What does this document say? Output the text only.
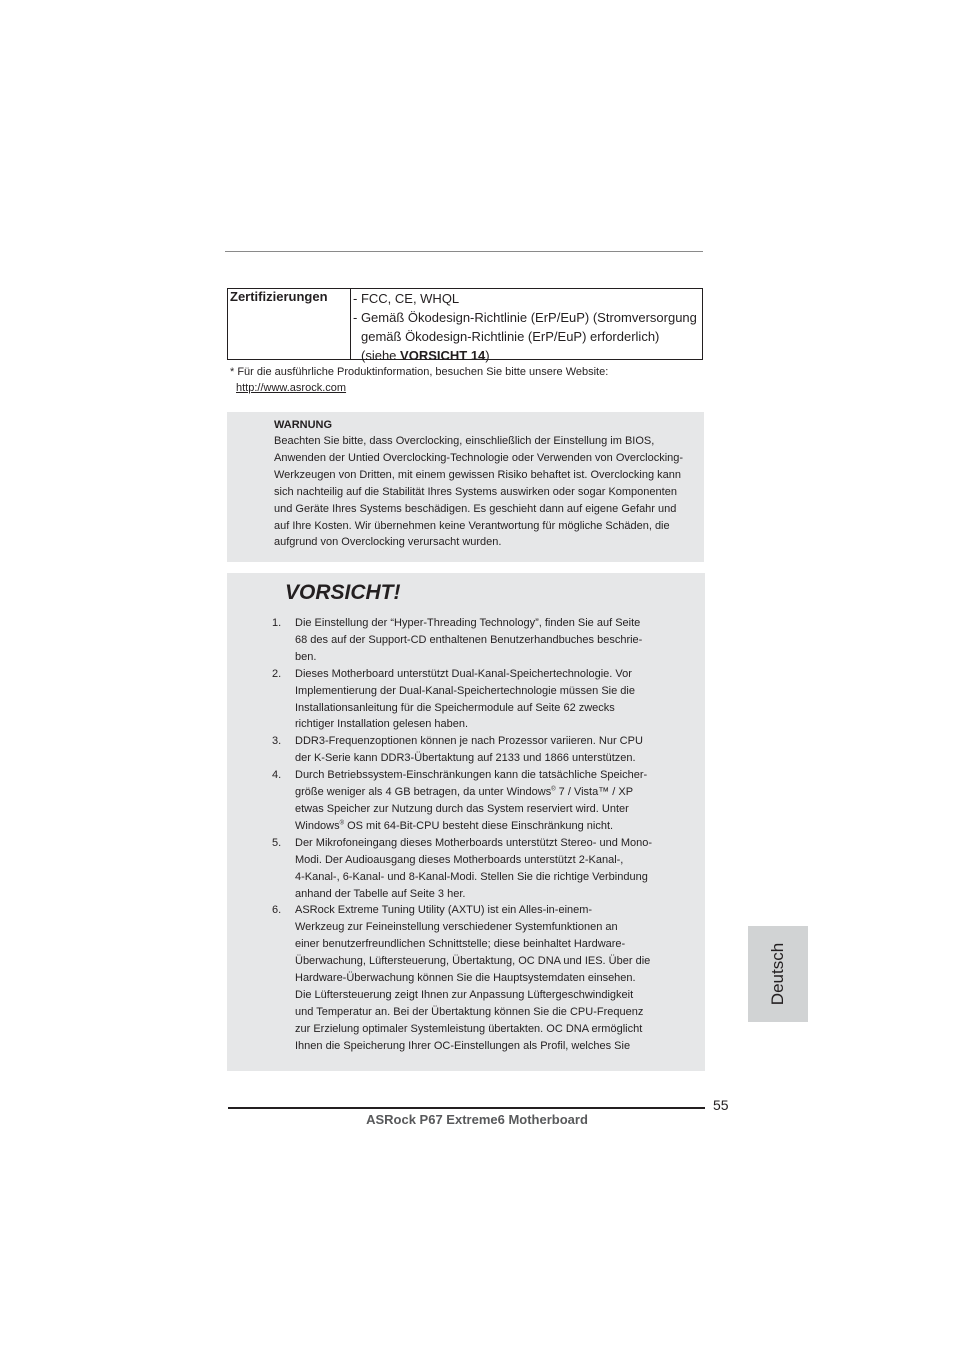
Zertifizierungen - FCC, CE, WHQL
- Gemäß Ökodesign-Richtlinie (ErP/EuP) (Stromversorgung
gemäß Ökodesign-Richtlinie (ErP/EuP) erforderlich)
(siehe VORSICHT 14)
* Für die ausführliche Produktinformation, besuchen Sie bitte unsere Website:
http://www.asrock.com
WARNUNG
Beachten Sie bitte, dass Overclocking, einschließlich der Einstellung im BIOS,
Anwenden der Untied Overclocking-Technologie oder Verwenden von Overclocking-
Werkzeugen von Dritten, mit einem gewissen Risiko behaftet ist. Overclocking kann
sich nachteilig auf die Stabilität Ihres Systems auswirken oder sogar Komponenten
und Geräte Ihres Systems beschädigen. Es geschieht dann auf eigene Gefahr und
auf Ihre Kosten. Wir übernehmen keine Verantwortung für mögliche Schäden, die
aufgrund von Overclocking verursacht wurden.
VORSICHT!
1. Die Einstellung der “Hyper-Threading Technology”, finden Sie auf Seite
68 des auf der Support-CD enthaltenen Benutzerhandbuches beschrie-
ben.
2. Dieses Motherboard unterstützt Dual-Kanal-Speichertechnologie. Vor
Implementierung der Dual-Kanal-Speichertechnologie müssen Sie die
Installationsanleitung für die Speichermodule auf Seite 62 zwecks
richtiger Installation gelesen haben.
3. DDR3-Frequenzoptionen können je nach Prozessor variieren. Nur CPU
der K-Serie kann DDR3-Übertaktung auf 2133 und 1866 unterstützen.
4. Durch Betriebssystem-Einschränkungen kann die tatsächliche Speicher-
größe weniger als 4 GB betragen, da unter Windows® 7 / Vista™ / XP
etwas Speicher zur Nutzung durch das System reserviert wird. Unter
Windows® OS mit 64-Bit-CPU besteht diese Einschränkung nicht.
5. Der Mikrofoneingang dieses Motherboards unterstützt Stereo- und Mono-
Modi. Der Audioausgang dieses Motherboards unterstützt 2-Kanal-,
4-Kanal-, 6-Kanal- und 8-Kanal-Modi. Stellen Sie die richtige Verbindung
anhand der Tabelle auf Seite 3 her.
6. ASRock Extreme Tuning Utility (AXTU) ist ein Alles-in-einem-
Werkzeug zur Feineinstellung verschiedener Systemfunktionen an
einer benutzerfreundlichen Schnittstelle; diese beinhaltet Hardware-
Überwachung, Lüftersteuerung, Übertaktung, OC DNA und IES. Über die
Hardware-Überwachung können Sie die Hauptsystemdaten einsehen.
Die Lüftersteuerung zeigt Ihnen zur Anpassung Lüftergeschwindigkeit
und Temperatur an. Bei der Übertaktung können Sie die CPU-Frequenz
zur Erzielung optimaler Systemleistung übertakten. OC DNA ermöglicht
Ihnen die Speicherung Ihrer OC-Einstellungen als Profil, welches Sie
Deutsch
55
ASRock P67 Extreme6 Motherboard
